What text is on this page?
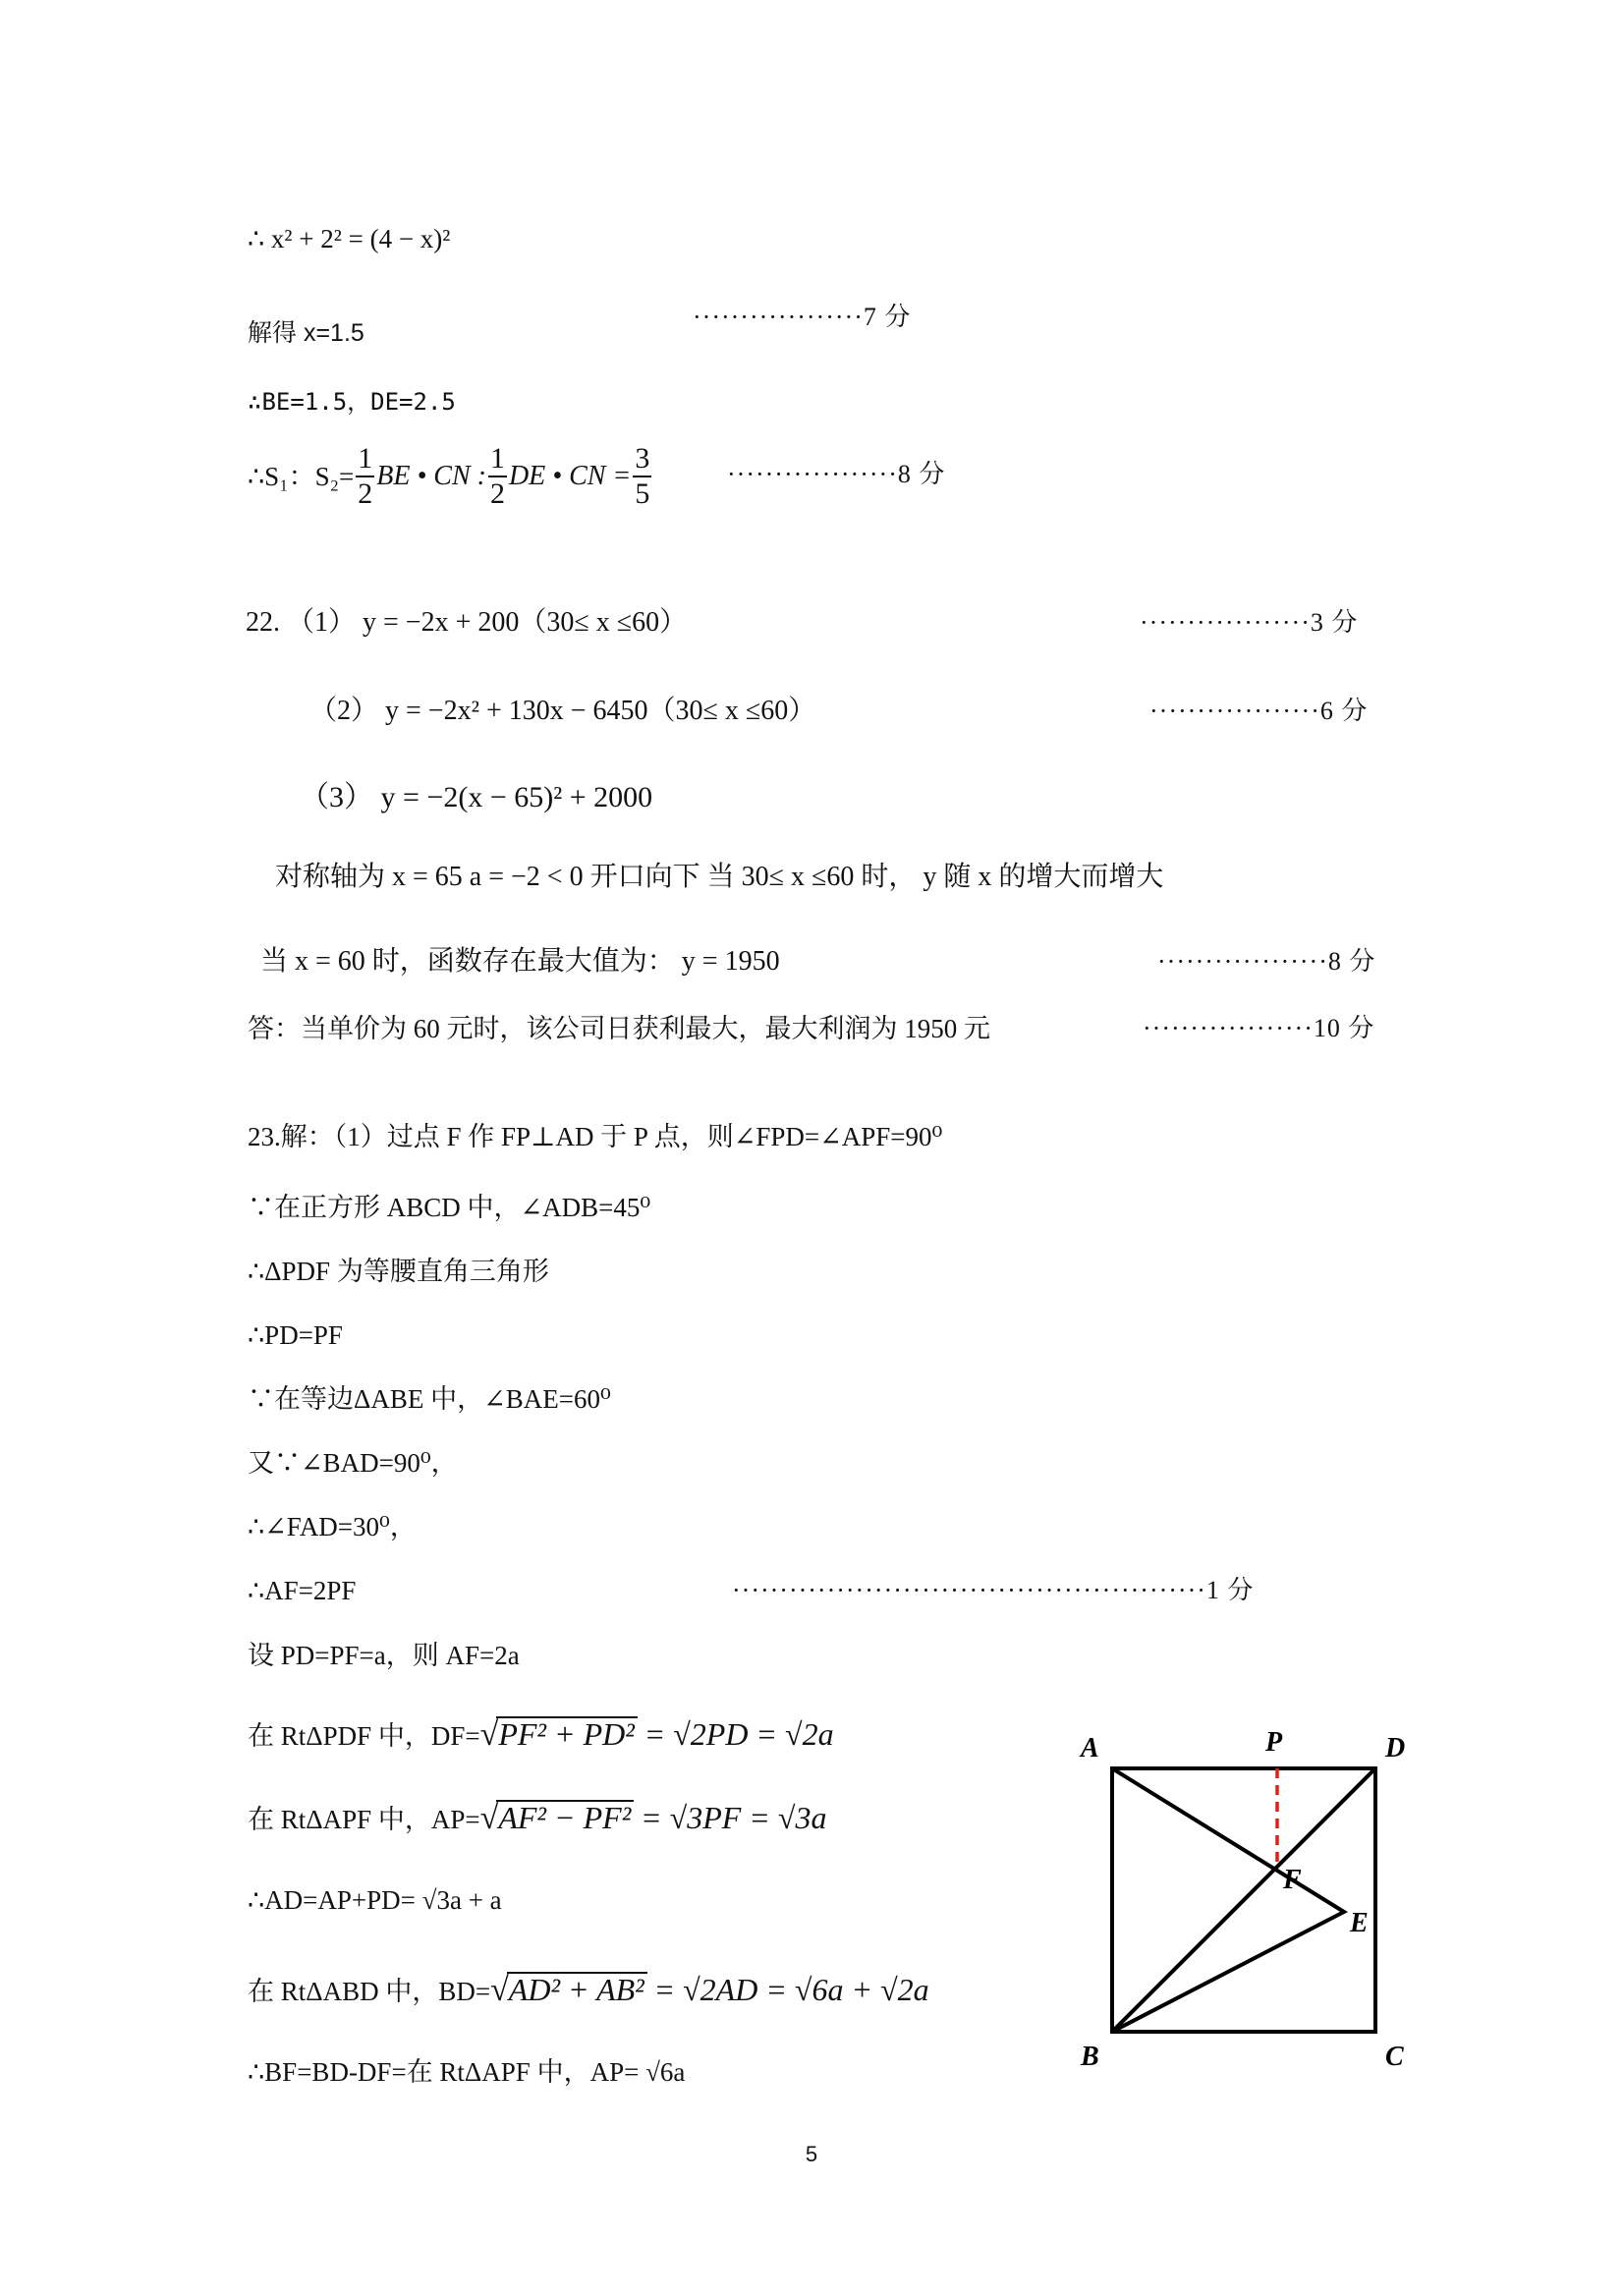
∴ x² + 2² = (4 − x)²
解得 x=1.5
··················7 分
∴BE=1.5，DE=2.5
∴S₁：$S_2= \frac{1}{2}$ BE • CN : $\frac{1}{2}$ DE • CN = $\frac{3}{5}$	··················8 分
22. （1） y = −2x + 200（30≤ x ≤60）	··················3 分
（2） y = −2x² + 130x − 6450（30≤ x ≤60）	··················6 分
（3） y = −2(x − 65)² + 2000
对称轴为 x = 65 a = −2 < 0 开口向下 当 30≤ x ≤60 时， y 随 x 的增大而增大
当 x = 60 时，函数存在最大值为： y = 1950	··················8 分
答：当单价为 60 元时，该公司日获利最大，最大利润为 1950 元	··················10 分
23.解：（1）过点 F 作 FP⊥AD 于 P 点，则∠FPD=∠APF=90⁰
∵在正方形 ABCD 中，∠ADB=45⁰
∴ΔPDF 为等腰直角三角形
∴PD=PF
∵在等边ΔABE 中，∠BAE=60⁰
又∵∠BAD=90⁰，
∴∠FAD=30⁰，
∴AF=2PF	··················································1 分
设 PD=PF=a，则 AF=2a
在 RtΔPDF 中，DF=√PF² + PD² = √2PD = √2a
在 RtΔAPF 中，AP=√AF² − PF² = √3PF = √3a
∴AD=AP+PD= √3a + a
在 RtΔABD 中，BD=√AD² + AB² = √2AD = √6a + √2a
∴BF=BD-DF=在 RtΔAPF 中，AP= √6a
A	P	D
F
E
B	C
5
